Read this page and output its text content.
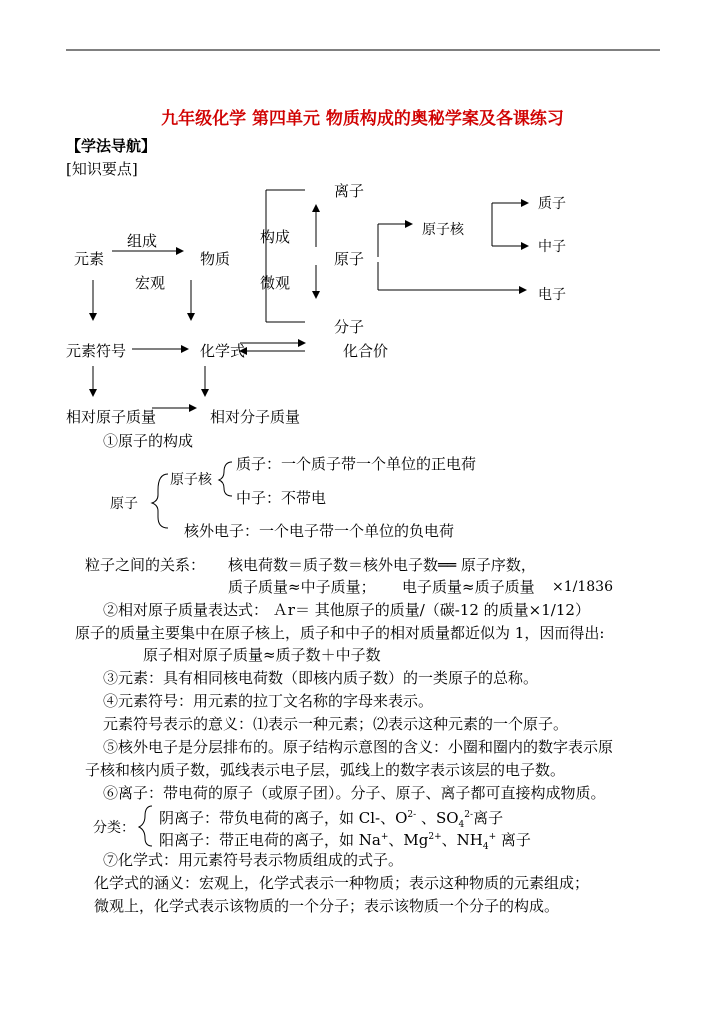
九年级化学 第四单元 物质构成的奥秘学案及各课练习
【学法导航】
[知识要点]
离子
质子
组成	构成	原子核
中子
元素	物质	原子
宏观	微观
电子
分子
元素符号	化学式	化合价
相对原子质量	相对分子质量
①原子的构成
质子：一个质子带一个单位的正电荷
原子核
中子：不带电
原子
核外电子：一个电子带一个单位的负电荷
粒子之间的关系： 核电荷数＝质子数＝核外电子数══ 原子序数，
质子质量≈中子质量； 电子质量≈质子质量 ×1/1836
②相对原子质量表达式： Ａr＝ 其他原子的质量/（碳-12 的质量×1/12）
原子的质量主要集中在原子核上，质子和中子的相对质量都近似为 1，因而得出:
原子相对原子质量≈质子数＋中子数
③元素：具有相同核电荷数（即核内质子数）的一类原子的总称。
④元素符号：用元素的拉丁文名称的字母来表示。
元素符号表示的意义：⑴表示一种元素；⑵表示这种元素的一个原子。
⑤核外电子是分层排布的。原子结构示意图的含义：小圈和圈内的数字表示原
子核和核内质子数，弧线表示电子层，弧线上的数字表示该层的电子数。
⑥离子：带电荷的原子（或原子团）。分子、原子、离子都可直接构成物质。
阴离子：带负电荷的离子，如 Cl-、$O^{2-}$ 、$SO_4^{2-}$离子
分类：
阳离子：带正电荷的离子，如 Na+、$Mg^{2+}$、$NH_4^+$ 离子
⑦化学式：用元素符号表示物质组成的式子。
化学式的涵义：宏观上，化学式表示一种物质；表示这种物质的元素组成；
微观上，化学式表示该物质的一个分子；表示该物质一个分子的构成。
